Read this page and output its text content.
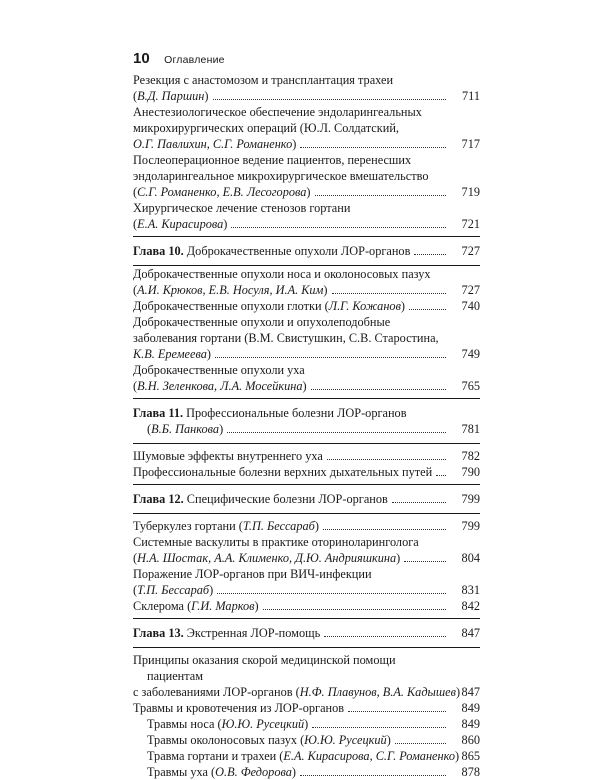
10 Оглавление
Резекция с анастомозом и трансплантация трахеи
(В.Д. Паршин)	711
Анестезиологическое обеспечение эндоларингеальных
микрохирургических операций (Ю.Л. Солдатский,
О.Г. Павлихин, С.Г. Романенко)	717
Послеоперационное ведение пациентов, перенесших
эндоларингеальное микрохирургическое вмешательство
(С.Г. Романенко, Е.В. Лесогорова)	719
Хирургическое лечение стенозов гортани
(Е.А. Кирасирова)	721
Глава 10. Доброкачественные опухоли ЛОР-органов	727
Доброкачественные опухоли носа и околоносовых пазух
(А.И. Крюков, Е.В. Носуля, И.А. Ким)	727
Доброкачественные опухоли глотки (Л.Г. Кожанов)	740
Доброкачественные опухоли и опухолеподобные
заболевания гортани (В.М. Свистушкин, С.В. Старостина,
К.В. Еремеева)	749
Доброкачественные опухоли уха
(В.Н. Зеленкова, Л.А. Мосейкина)	765
Глава 11. Профессиональные болезни ЛОР-органов
(В.Б. Панкова)	781
Шумовые эффекты внутреннего уха	782
Профессиональные болезни верхних дыхательных путей 790
Глава 12. Специфические болезни ЛОР-органов	799
Туберкулез гортани (Т.П. Бессараб)	799
Системные васкулиты в практике оториноларинголога
(Н.А. Шостак, А.А. Клименко, Д.Ю. Андрияшкина)	804
Поражение ЛОР-органов при ВИЧ-инфекции
(Т.П. Бессараб)	831
Склерома (Г.И. Марков)	842
Глава 13. Экстренная ЛОР-помощь	847
Принципы оказания скорой медицинской помощи пациентам
с заболеваниями ЛОР-органов (Н.Ф. Плавунов, В.А. Кадышев) 847
Травмы и кровотечения из ЛОР-органов	849
Травмы носа (Ю.Ю. Русецкий)	849
Травмы околоносовых пазух (Ю.Ю. Русецкий)	860
Травма гортани и трахеи (Е.А. Кирасирова, С.Г. Романенко) 865
Травмы уха (О.В. Федорова)	878
